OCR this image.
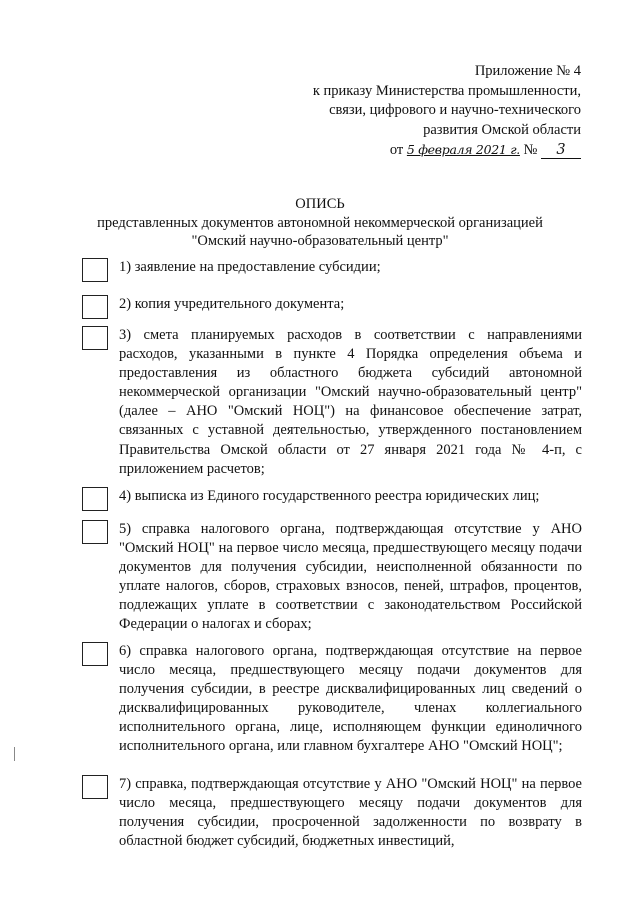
Приложение № 4
к приказу Министерства промышленности,
связи, цифрового и научно-технического
развития Омской области
от 5 февраля 2021 г. № 3
ОПИСЬ
представленных документов автономной некоммерческой организацией
"Омский научно-образовательный центр"
1) заявление на предоставление субсидии;
2) копия учредительного документа;
3) смета планируемых расходов в соответствии с направлениями расходов, указанными в пункте 4 Порядка определения объема и предоставления из областного бюджета субсидий автономной некоммерческой организации "Омский научно-образовательный центр" (далее – АНО "Омский НОЦ") на финансовое обеспечение затрат, связанных с уставной деятельностью, утвержденного постановлением Правительства Омской области от 27 января 2021 года № 4-п, с приложением расчетов;
4) выписка из Единого государственного реестра юридических лиц;
5) справка налогового органа, подтверждающая отсутствие у АНО "Омский НОЦ" на первое число месяца, предшествующего месяцу подачи документов для получения субсидии, неисполненной обязанности по уплате налогов, сборов, страховых взносов, пеней, штрафов, процентов, подлежащих уплате в соответствии с законодательством Российской Федерации о налогах и сборах;
6) справка налогового органа, подтверждающая отсутствие на первое число месяца, предшествующего месяцу подачи документов для получения субсидии, в реестре дисквалифицированных лиц сведений о дисквалифицированных руководителе, членах коллегиального исполнительного органа, лице, исполняющем функции единоличного исполнительного органа, или главном бухгалтере АНО "Омский НОЦ";
7) справка, подтверждающая отсутствие у АНО "Омский НОЦ" на первое число месяца, предшествующего месяцу подачи документов для получения субсидии, просроченной задолженности по возврату в областной бюджет субсидий, бюджетных инвестиций,
